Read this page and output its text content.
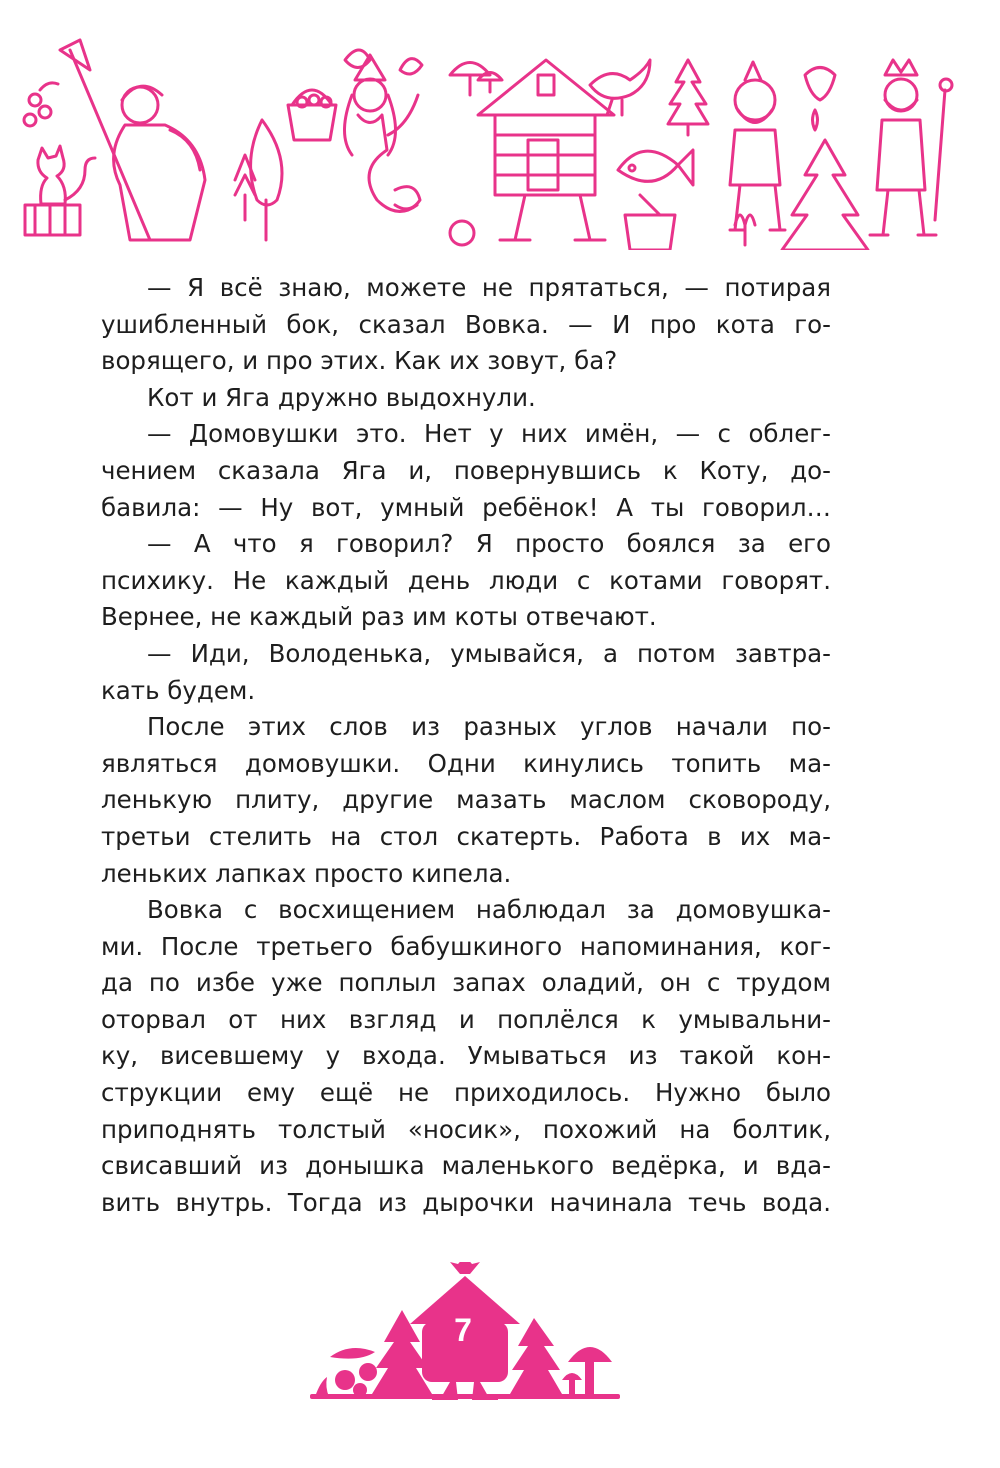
— Я всё знаю, можете не прятаться, — потирая
ушибленный бок, сказал Вовка. — И про кота го-
ворящего, и про этих. Как их зовут, ба?
Кот и Яга дружно выдохнули.
— Домовушки это. Нет у них имён, — с облег-
чением сказала Яга и, повернувшись к Коту, до-
бавила: — Ну вот, умный ребёнок! А ты говорил…
— А что я говорил? Я просто боялся за его
психику. Не каждый день люди с котами говорят.
Вернее, не каждый раз им коты отвечают.
— Иди, Володенька, умывайся, а потом завтра-
кать будем.
После этих слов из разных углов начали по-
являться домовушки. Одни кинулись топить ма-
ленькую плиту, другие мазать маслом сковороду,
третьи стелить на стол скатерть. Работа в их ма-
леньких лапках просто кипела.
Вовка с восхищением наблюдал за домовушка-
ми. После третьего бабушкиного напоминания, ког-
да по избе уже поплыл запах оладий, он с трудом
оторвал от них взгляд и поплёлся к умывальни-
ку, висевшему у входа. Умываться из такой кон-
струкции ему ещё не приходилось. Нужно было
приподнять толстый «носик», похожий на болтик,
свисавший из донышка маленького ведёрка, и вда-
вить внутрь. Тогда из дырочки начинала течь вода.
7
